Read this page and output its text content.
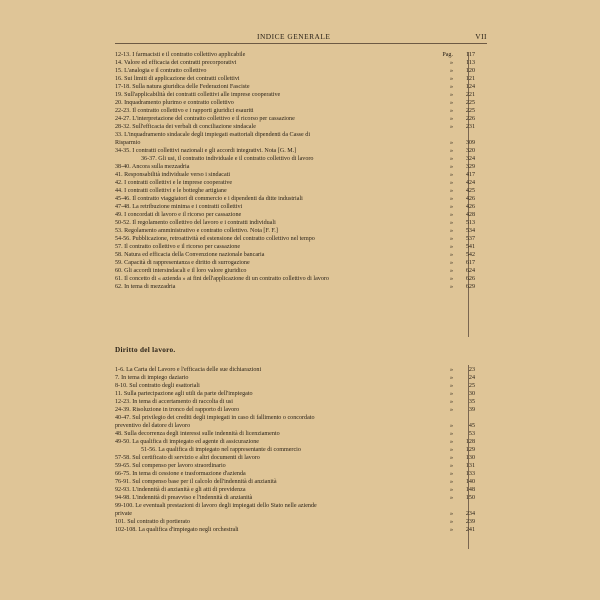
INDICE GENERALE	VII
12-13. I farmacisti e il contratto collettivo applicabile	Pag. 117
14. Valore ed efficacia dei contratti precorporativi	» 113
15. L'analogia e il contratto collettivo	» 120
16. Sui limiti di applicazione dei contratti collettivi	» 121
17-18. Sulla natura giuridica delle Federazioni Fasciste	» 124
19. Sull'applicabilità dei contratti collettivi alle imprese cooperative	» 221
20. Inquadramento plurimo e contratto collettivo	» 225
22-23. Il contratto collettivo e i rapporti giuridici esauriti	» 225
24-27. L'interpretazione del contratto collettivo e il ricorso per cassazione	» 226
28-32. Sull'efficacia dei verbali di conciliazione sindacale	» 231
33. L'inquadramento sindacale degli impiegati esattoriali dipendenti da Casse di
Risparmio	» 309
34-35. I contratti collettivi nazionali e gli accordi integrativi. Nota [G. M.]	» 320
36-37. Gli usi, il contratto individuale e il contratto collettivo di lavoro	» 324
38-40. Ancora sulla mezzadria	» 329
41. Responsabilità individuale verso i sindacati	» 417
42. I contratti collettivi e le imprese cooperative	» 424
44. I contratti collettivi e le botteghe artigiane	» 425
45-46. Il contratto viaggiatori di commercio e i dipendenti da ditte industriali	» 426
47-48. La retribuzione minima e i contratti collettivi	» 426
49. I concordati di lavoro e il ricorso per cassazione	» 428
50-52. Il regolamento collettivo del lavoro e i contratti individuali	» 513
53. Regolamento amministrativo e contratto collettivo. Nota [F. F.]	» 534
54-56. Pubblicazione, retroattività ed estensione del contratto collettivo nel tempo	» 537
57. Il contratto collettivo e il ricorso per cassazione	» 541
58. Natura ed efficacia della Convenzione nazionale bancaria	» 542
59. Capacità di rappresentanza e diritto di surrogazione	» 617
60. Gli accordi intersindacali e il loro valore giuridico	» 624
61. Il concetto di « azienda » ai fini dell'applicazione di un contratto collettivo di lavoro	» 626
62. In tema di mezzadria	» 629
Diritto del lavoro.
1-6. La Carta del Lavoro e l'efficacia delle sue dichiarazioni	»	23
7. In tema di impiego daziario	»	24
8-10. Sul contratto degli esattoriali	»	25
11. Sulla partecipazione agli utili da parte dell'impiegato	»	30
12-23. In tema di accertamento di raccolta di usi	»	35
24-39. Risoluzione in tronco del rapporto di lavoro	»	39
40-47. Sul privilegio dei crediti degli impiegati in caso di fallimento o concordato
preventivo del datore di lavoro	»	45
48. Sulla decorrenza degli interessi sulle indennità di licenziamento	»	53
49-50. La qualifica di impiegato ed agente di assicurazione	» 128
51-56. La qualifica di impiegato nel rappresentante di commercio	» 129
57-58. Sul certificato di servizio e altri documenti di lavoro	» 130
59-65. Sul compenso per lavoro straordinario	» 131
66-75. In tema di cessione e trasformazione d'azienda	» 133
76-91. Sul compenso base per il calcolo dell'indennità di anzianità	» 140
92-93. L'indennità di anzianità e gli atti di previdenza	» 148
94-98. L'indennità di preavviso e l'indennità di anzianità	» 150
99-100. Le eventuali prestazioni di lavoro degli impiegati dello Stato nelle aziende
private	» 234
101. Sul contratto di portierato	» 239
102-108. La qualifica d'impiegato negli orchestrali	» 241
